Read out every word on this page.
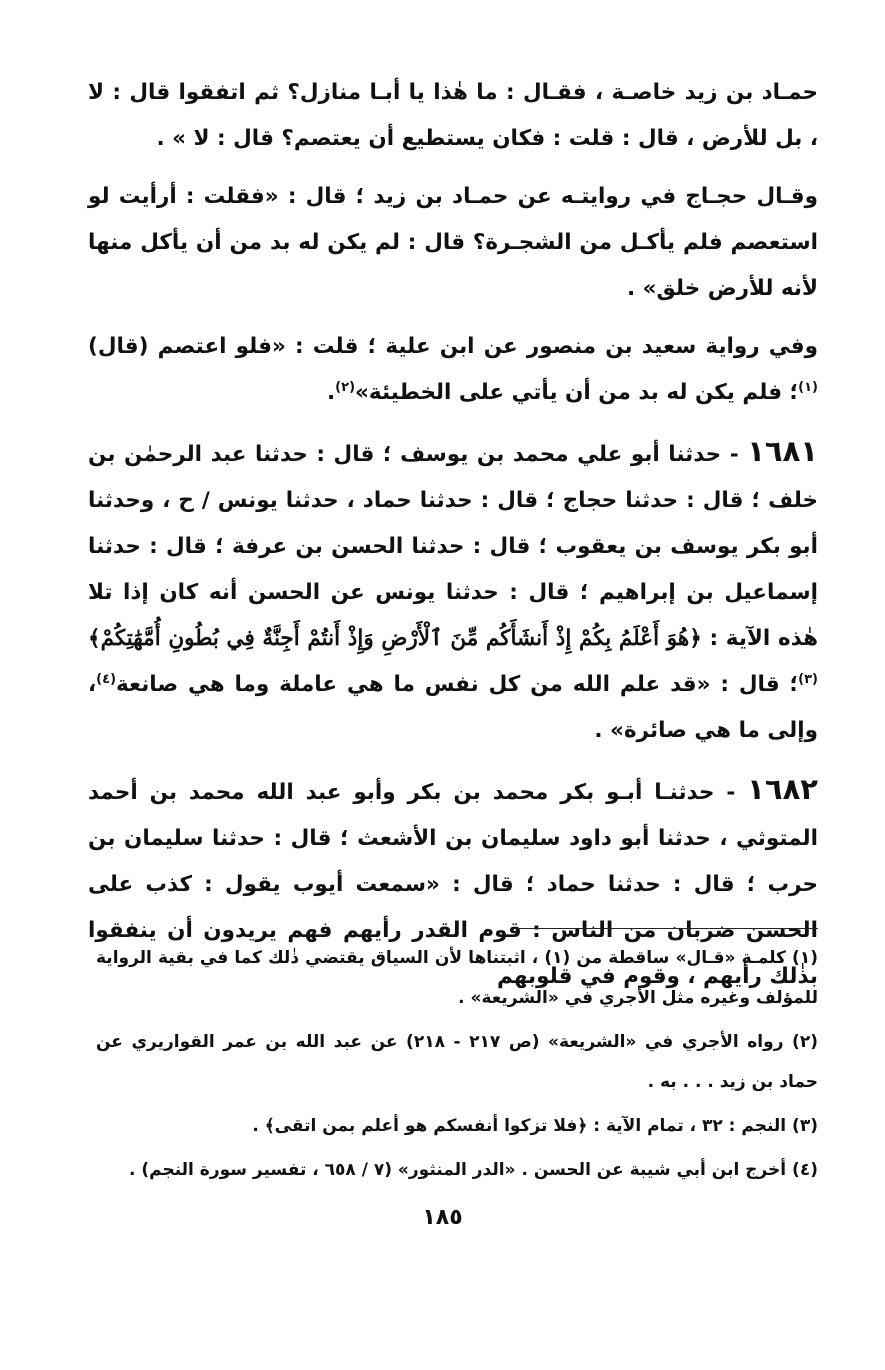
حمـاد بن زيد خاصـة ، فقـال : ما هٰذا يا أبـا منازل؟ ثم اتفقوا قال : لا ، بل للأرض ، قال : قلت : فكان يستطيع أن يعتصم؟ قال : لا » .

وقـال حجـاج في روايتـه عن حمـاد بن زيد ؛ قال : «فقلت : أرأيت لو استعصم فلم يأكـل من الشجـرة؟ قال : لم يكن له بد من أن يأكل منها لأنه للأرض خلق» .

وفي رواية سعيد بن منصور عن ابن علية ؛ قلت : «فلو اعتصم (قال)$^{(١)}$؛ فلم يكن له بد من أن يأتي على الخطيئة»$^{(٢)}$.

١٦٨١ - حدثنا أبو علي محمد بن يوسف ؛ قال : حدثنا عبد الرحمٰن بن خلف ؛ قال : حدثنا حجاج ؛ قال : حدثنا حماد ، حدثنا يونس / ح ، وحدثنا أبو بكر يوسف بن يعقوب ؛ قال : حدثنا الحسن بن عرفة ؛ قال : حدثنا إسماعيل بن إبراهيم ؛ قال : حدثنا يونس عن الحسن أنه كان إذا تلا هٰذه الآية : ﴿هُوَ أَعْلَمُ بِكُمْ إِذْ أَنشَأَكُم مِّنَ ٱلْأَرْضِ وَإِذْ أَنتُمْ أَجِنَّةٌ فِي بُطُونِ أُمَّهَٰتِكُمْ﴾$^{(٣)}$؛ قال : «قد علم الله من كل نفس ما هي عاملة وما هي صانعة$^{(٤)}$، وإلى ما هي صائرة» .

١٦٨٢ - حدثنـا أبـو بكر محمد بن بكر وأبو عبد الله محمد بن أحمد المتوثي ، حدثنا أبو داود سليمان بن الأشعث ؛ قال : حدثنا سليمان بن حرب ؛ قال : حدثنا حماد ؛ قال : «سمعت أيوب يقول : كذب على الحسن ضربان من الناس : قوم القدر رأيهم فهم يريدون أن ينفقوا بذٰلك رأيهم ، وقوم في قلوبهم

(١) كلمـة «قـال» ساقطة من (١) ، اثبتناها لأن السياق يقتضي ذٰلك كما في بقية الرواية للمؤلف وغيره مثل الأجري في «الشريعة» .

(٢) رواه الأجري في «الشريعة» (ص ٢١٧ - ٢١٨) عن عبد الله بن عمر القواريري عن حماد بن زيد . . . به .

(٣) النجم : ٣٢ ، تمام الآية : ﴿فلا تزكوا أنفسكم هو أعلم بمن اتقى﴾ .

(٤) أخرج ابن أبي شيبة عن الحسن . «الدر المنثور» (٧ / ٦٥٨ ، تفسير سورة النجم) .

١٨٥
